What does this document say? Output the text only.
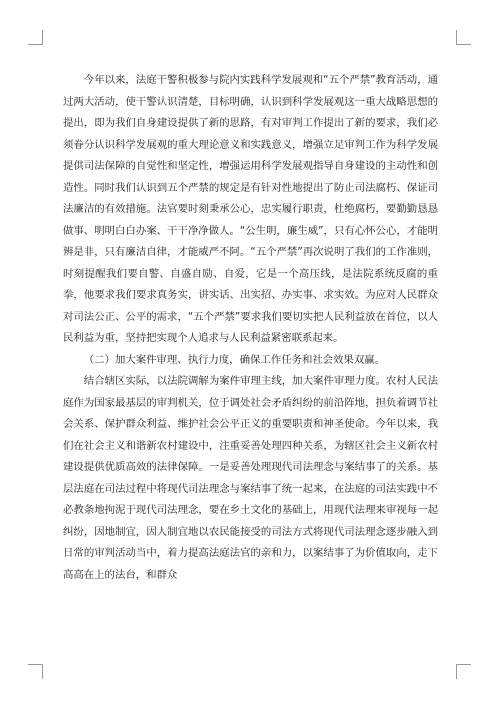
今年以来，法庭干警积极参与院内实践科学发展观和“五个严禁”教育活动，通过两大活动，使干警认识清楚，目标明确，认识到科学发展观这一重大战略思想的提出，即为我们自身建设提供了新的思路，有对审判工作提出了新的要求，我们必须眷分认识科学发展观的重大理论意义和实践意义，增强立足审判工作为科学发展提供司法保障的自觉性和坚定性，增强运用科学发展观指导自身建设的主动性和创造性。同时我们认识到五个严禁的规定是有针对性地提出了防止司法腐朽、保证司法廉洁的有效措施。法官要时刻秉承公心，忠实履行职责，杜绝腐朽，要勤勤恳恳做事、明明白白办案、干干净净做人。“公生明，廉生威”，只有心怀公心，才能明辨是非，只有廉洁自律，才能威严不阿。“五个严禁”再次说明了我们的工作准则，时刻提醒我们要自警、自盛自励、自爱，它是一个高压线，是法院系统反腐的重拳，他要求我们要求真务实，讲实话、出实招、办实事、求实效。为应对人民群众对司法公正、公平的需求，“五个严禁”要求我们要切实把人民利益放在首位，以人民利益为重，坚持把实现个人追求与人民利益紧密联系起来。

（二）加大案件审理、执行力度，确保工作任务和社会效果双赢。

结合辖区实际，以法院调解为案件审理主线，加大案件审理力度。农村人民法庭作为国家最基层的审判机关，位于调处社会矛盾纠纷的前沿阵地，担负着调节社会关系、保护群众利益、维护社会公平正义的重要职责和神圣使命。今年以来，我们在社会主义和谐新农村建设中，注重妥善处理四种关系，为辖区社会主义新农村建设提供优质高效的法律保障。一是妥善处理现代司法理念与案结事了的关系。基层法庭在司法过程中将现代司法理念与案结事了统一起来，在法庭的司法实践中不必教条地拘泥于现代司法理念，要在乡土文化的基础上，用现代法理来审视每一起纠纷，因地制宜，因人制宜地以农民能接受的司法方式将现代司法理念逐步融入到日常的审判活动当中，着力提高法庭法官的亲和力，以案结事了为价值取向，走下高高在上的法台，和群众
